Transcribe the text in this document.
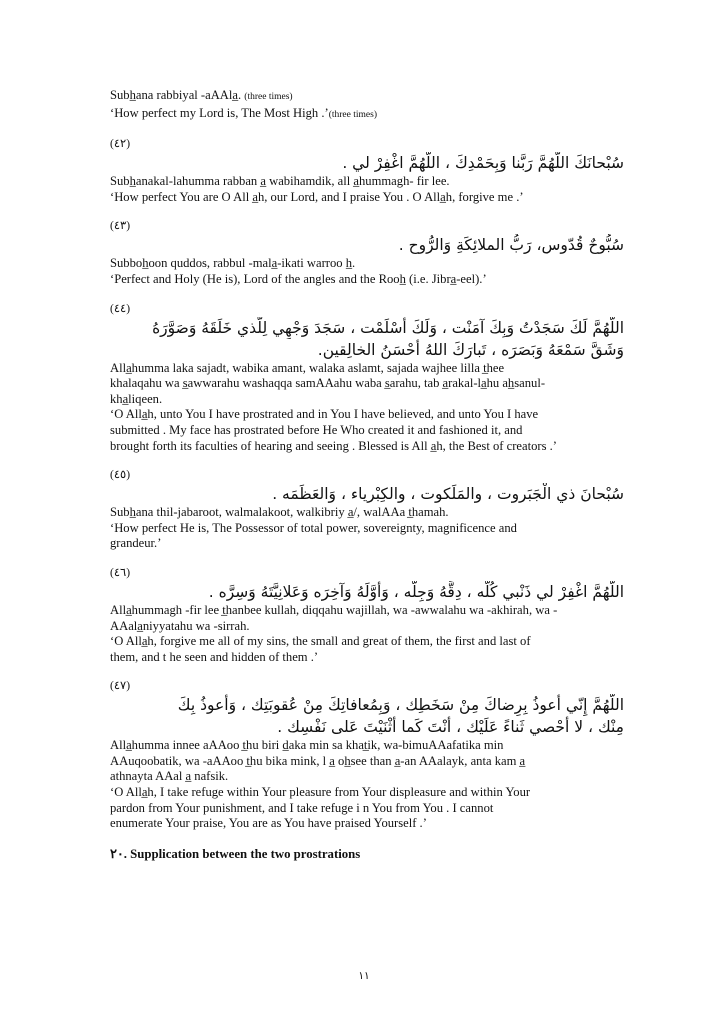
Subh̲ana rabbiyal -aAAla̲. (three times)
‘How perfect my Lord is, The Most High .’(three times)
(٤٢)
سُبْحانَكَ اللّهُمَّ رَبَّنا وَبِحَمْدِكَ ، اللّهُمَّ اغْفِرْ لي .
Subh̲anakal-lahumma rabban a̲ wabihamdik, all a̲hummagh- fir lee.
‘How perfect You are O All a̲h, our Lord, and I praise You . O Alla̲h, forgive me .’
(٤٣)
سُبُّوحٌ قُدّوس، رَبُّ الملائِكَةِ وَالرُّوح .
Subboh̲oon quddos, rabbul -mala̲-ikati warroo h̲.
‘Perfect and Holy (He is), Lord of the angles and the Rooh̲ (i.e. Jibra̲-eel).’
(٤٤)
اللّهُمَّ لَكَ سَجَدْتُ وَبِكَ آمَنْت ، وَلَكَ أَسْلَمْت ، سَجَدَ وَجْهِي لِلَّذي خَلَقَهُ وَصَوَّرَهُ
وَشَقَّ سَمْعَهُ وَبَصَرَه ، تَبارَكَ اللهُ أَحْسَنُ الخالِقين.
Alla̲humma laka sajadt, wabika amant, walaka aslamt, sajada wajhee lilla t̲hee
khalaqahu wa s̲awwarahu washaqqa samAAahu waba s̲arahu, tab a̲rakal-la̲hu ah̲sanul-
kha̲liqeen.
‘O Alla̲h, unto You I have prostrated and in You I have believed, and unto You I have
submitted . My face has prostrated before He Who created it and fashioned it, and
brought forth its faculties of hearing and seeing . Blessed is All a̲h, the Best of creators .’
(٤٥)
سُبْحانَ ذي الْجَبَروت ، والمَلَكوت ، والكِبْرياء ، وَالعَظَمَه .
Subh̲ana thil-jabaroot, walmalakoot, walkibriy a̲/, walAAa t̲hamah.
‘How perfect He is, The Possessor of total power, sovereignty, magnificence and
grandeur.’
(٤٦)
اللّهُمَّ اغْفِرْ لي ذَنْبي كُلَّه ، دِقَّهُ وَجِلَّه ، وَأَوَّلَهُ وَآخِرَه وَعَلانِيَّتَهُ وَسِرَّه .
Alla̲hummagh -fir lee t̲hanbee kullah, diqqahu wajillah, wa -awwalahu wa -akhirah, wa -
AAala̲niyyatahu wa -sirrah.
‘O Alla̲h, forgive me all of my sins, the small and great of them, the first and last of
them, and t he seen and hidden of them .’
(٤٧)
اللّهُمَّ إِنّي أَعوذُ بِرِضاكَ مِنْ سَخَطِك ، وَبِمُعافاتِكَ مِنْ عُقوبَتِك ، وَأَعوذُ بِكَ
مِنْك ، لا أُحْصي ثَناءً عَلَيْك ، أَنْتَ كَما أَثْنَيْتَ عَلى نَفْسِك .
Alla̲humma innee aAAoo t̲hu biri d̲aka min sa khat̲ik, wa-bimuAAafatika min
AAuqoobatik, wa -aAAoo t̲hu bika mink, l a̲ oh̲see than a̲-an AAalayk, anta kam a̲
athnayta AAal a̲ nafsik.
‘O Alla̲h, I take refuge within Your pleasure from Your displeasure and within Your
pardon from Your punishment, and I take refuge i n You from You . I cannot
enumerate Your praise, You are as You have praised Yourself .’
٢٠. Supplication between the two prostrations
١١
